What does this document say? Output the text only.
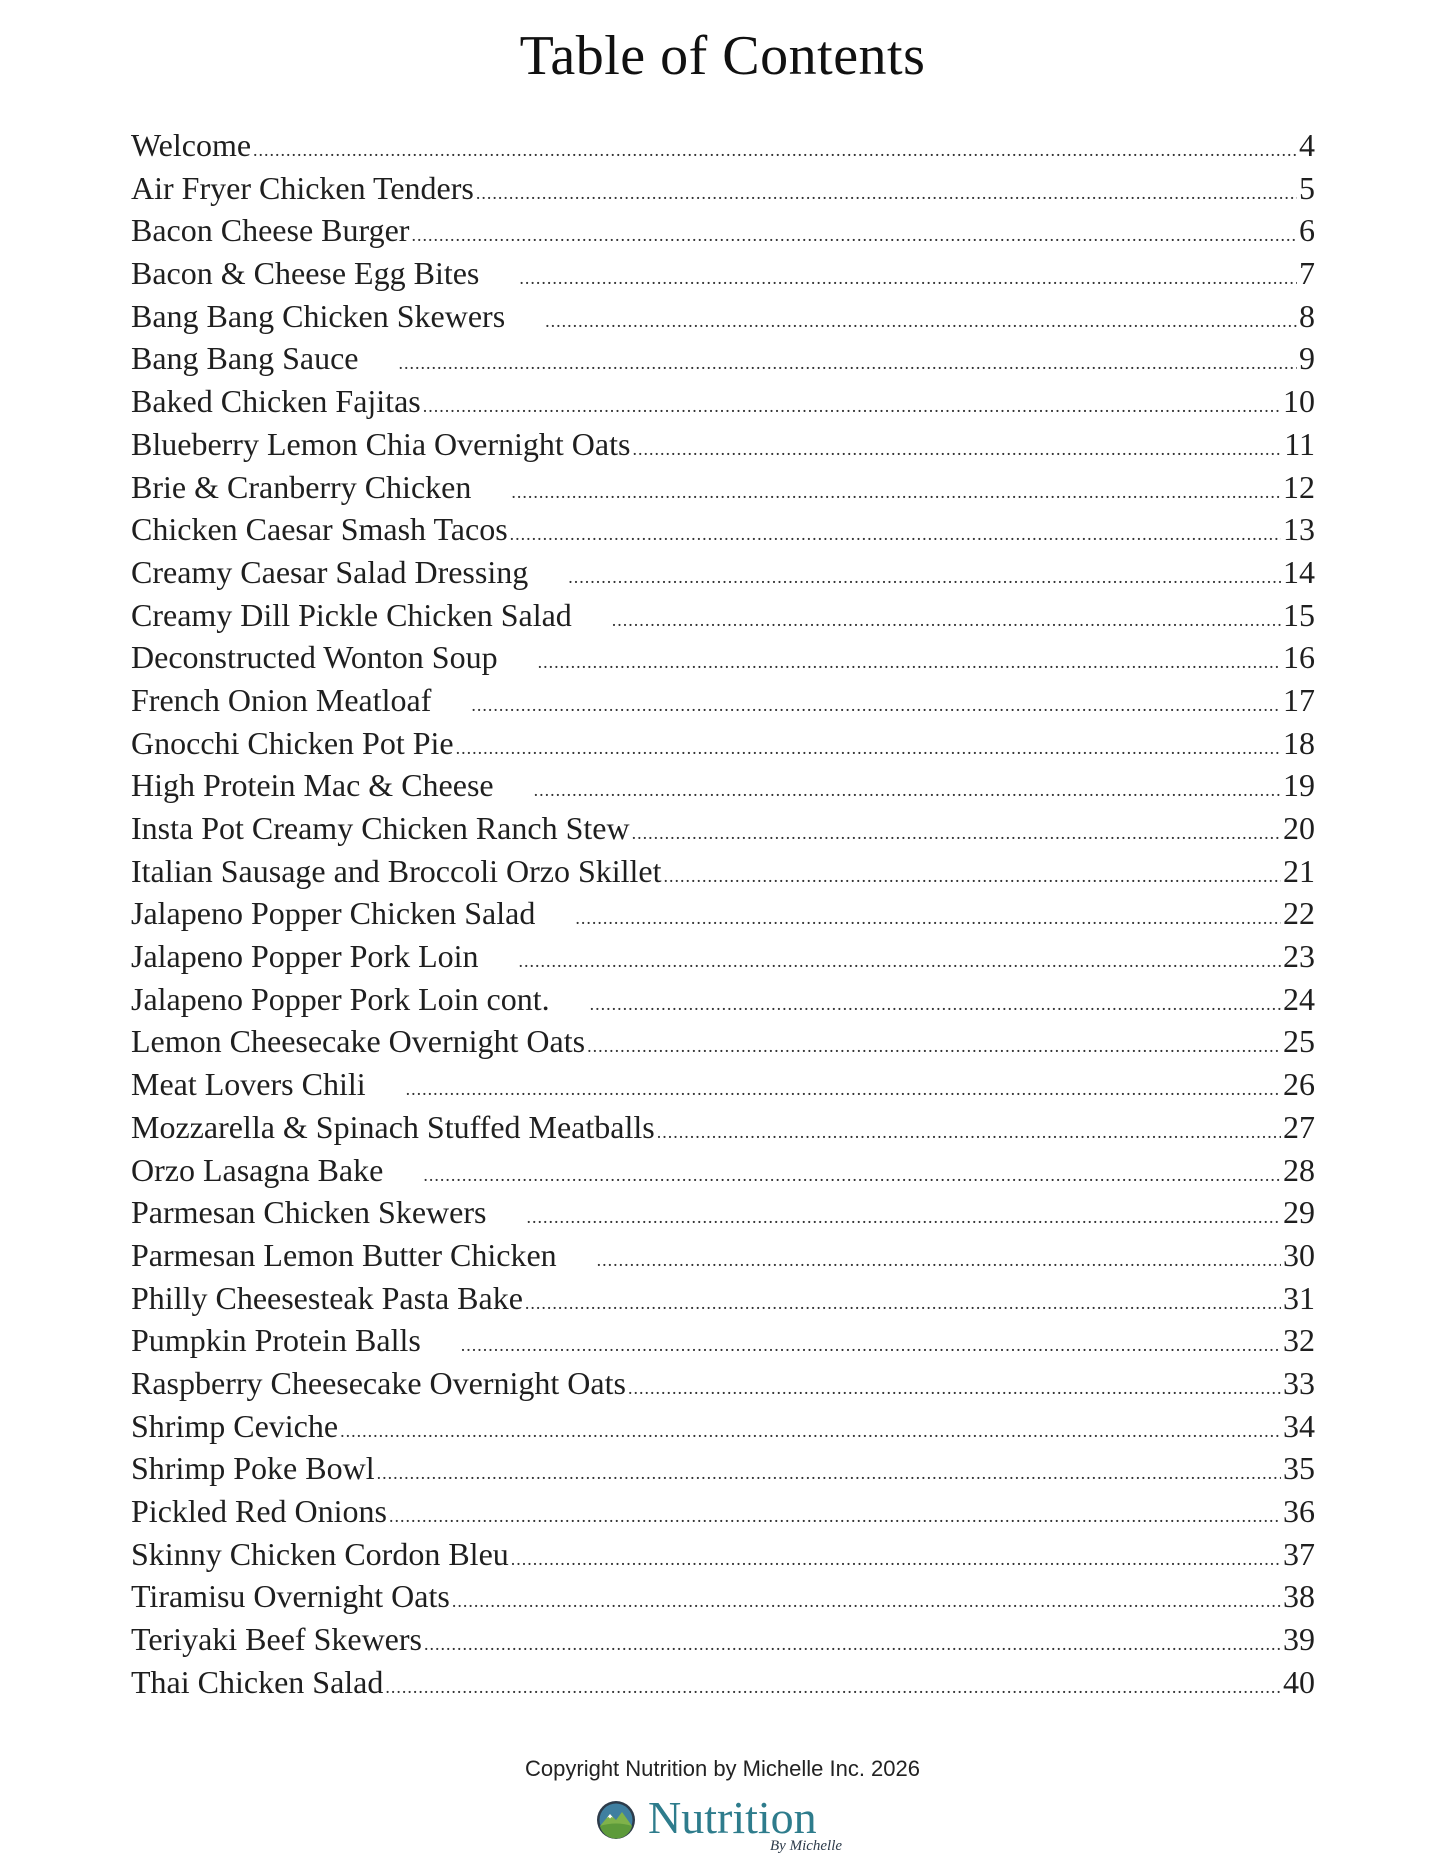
Table of Contents
Welcome .....	4
Air Fryer Chicken Tenders .....	5
Bacon Cheese Burger .....	6
Bacon & Cheese Egg Bites .....	7
Bang Bang Chicken Skewers .....	8
Bang Bang Sauce .....	9
Baked Chicken Fajitas .....	10
Blueberry Lemon Chia Overnight Oats .....	11
Brie & Cranberry Chicken .....	12
Chicken Caesar Smash Tacos .....	13
Creamy Caesar Salad Dressing .....	14
Creamy Dill Pickle Chicken Salad .....	15
Deconstructed Wonton Soup .....	16
French Onion Meatloaf .....	17
Gnocchi Chicken Pot Pie .....	18
High Protein Mac & Cheese .....	19
Insta Pot Creamy Chicken Ranch Stew .....	20
Italian Sausage and Broccoli Orzo Skillet .....	21
Jalapeno Popper Chicken Salad .....	22
Jalapeno Popper Pork Loin .....	23
Jalapeno Popper Pork Loin cont. .....	24
Lemon Cheesecake Overnight Oats .....	25
Meat Lovers Chili .....	26
Mozzarella & Spinach Stuffed Meatballs .....	27
Orzo Lasagna Bake .....	28
Parmesan Chicken Skewers .....	29
Parmesan Lemon Butter Chicken .....	30
Philly Cheesesteak Pasta Bake .....	31
Pumpkin Protein Balls .....	32
Raspberry Cheesecake Overnight Oats .....	33
Shrimp Ceviche .....	34
Shrimp Poke Bowl .....	35
Pickled Red Onions .....	36
Skinny Chicken Cordon Bleu .....	37
Tiramisu Overnight Oats .....	38
Teriyaki Beef Skewers .....	39
Thai Chicken Salad .....	40
Copyright Nutrition by Michelle Inc. 2026
Nutrition
By Michelle
